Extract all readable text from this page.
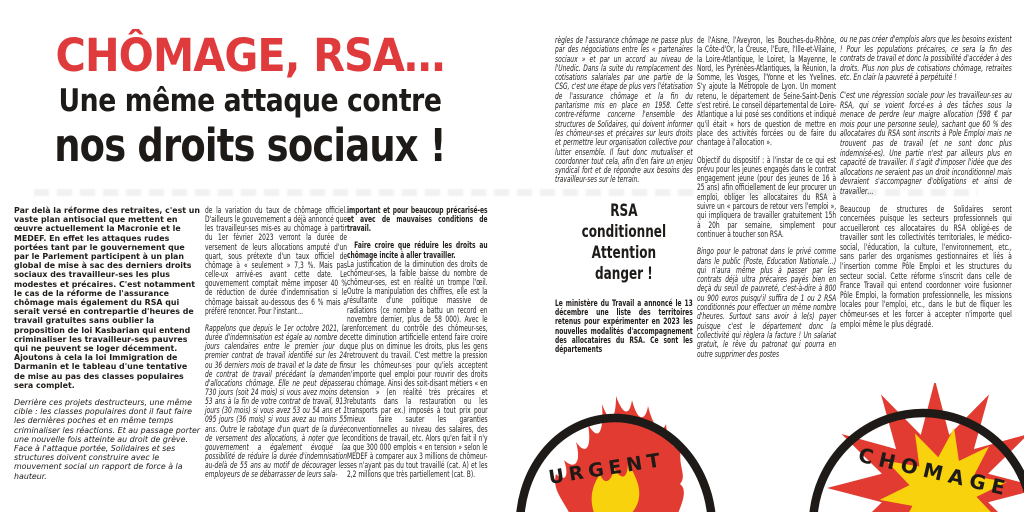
CHÔMAGE, RSA…
Une même attaque contre
nos droits sociaux !

Par delà la réforme des retraites, c'est un vaste plan antisocial que mettent en œuvre actuellement la Macronie et le MEDEF. En effet les attaques rudes portées tant par le gouvernement que par le Parlement participent à un plan global de mise à sac des derniers droits sociaux des travailleur-ses les plus modestes et précaires. C'est notamment le cas de la réforme de l'assurance chômage mais également du RSA qui serait versé en contrepartie d'heures de travail gratuites sans oublier la proposition de loi Kasbarian qui entend criminaliser les travailleur-ses pauvres qui ne peuvent se loger décemment. Ajoutons à cela la loi Immigration de Darmanin et le tableau d'une tentative de mise au pas des classes populaires sera complet.

Derrière ces projets destructeurs, une même cible : les classes populaires dont il faut faire les dernières poches et en même temps criminaliser les réactions. Et au passage porter une nouvelle fois atteinte au droit de grève. Face à l'attaque portée, Solidaires et ses structures doivent construire avec le mouvement social un rapport de force à la hauteur.

de la variation du taux de chômage officiel. D'ailleurs le gouvernement a déjà annoncé que les travailleur-ses mis-es au chômage à partir du 1er février 2023 verront la durée de versement de leurs allocations amputé d'un quart, sous prétexte d'un taux officiel de chômage à « seulement » 7,3 %. Mais pas celle-ux arrivé-es avant cette date. Le gouvernement comptait même imposer 40 % de réduction de durée d'indemnisation si le chômage baissait au-dessous des 6 % mais a préféré renoncer. Pour l'instant…

Rappelons que depuis le 1er octobre 2021, la durée d'indemnisation est égale au nombre de jours calendaires entre le premier jour du premier contrat de travail identifié sur les 24 ou 36 derniers mois de travail et la date de fin de contrat de travail précédant la demande d'allocations chômage. Elle ne peut dépasser 730 jours (soit 24 mois) si vous avez moins de 53 ans à la fin de votre contrat de travail, 913 jours (30 mois) si vous avez 53 ou 54 ans et 1 095 jours (36 mois) si vous avez au moins 55 ans. Outre le rabotage d'un quart de la durée de versement des allocations, à noter que le gouvernement a également évoqué la possibilité de réduire la durée d'indemnisation au-delà de 55 ans au motif de décourager les employeurs de se débarrasser de leurs sala-

important et pour beaucoup précarisé-es et avec de mauvaises conditions de travail.

Faire croire que réduire les droits au chômage incite à aller travailler.

La justification de la diminution des droits de chômeur-ses, la faible baisse du nombre de chômeur-ses, est en réalité un trompe l'œil. Outre la manipulation des chiffres, elle est la résultante d'une politique massive de radiations (ce nombre a battu un record en novembre dernier, plus de 58 000). Avec le renforcement du contrôle des chômeur-ses, cette diminution artificielle entend faire croire que plus on diminue les droits, plus les gens retrouvent du travail. C'est mettre la pression sur les chômeur-ses pour qu'iels acceptent n'importe quel emploi pour rouvrir des droits au chômage. Ainsi des soit-disant métiers « en tension » (en réalité très précaires et rebutants dans la restauration ou les transports par ex.) imposés à tout prix pour mieux faire sauter les garanties conventionnelles au niveau des salaires, des conditions de travail, etc. Alors qu'en fait il n'y a que 300 000 emplois « en tension » selon le MEDEF à comparer aux 3 millions de chômeur-ses n'ayant pas du tout travaillé (cat. A) et les 2,2 millions que très partiellement (cat. B).

règles de l'assurance chômage ne passe plus par des négociations entre les « partenaires sociaux » et par un accord au niveau de l'Unedic. Dans la suite du remplacement des cotisations salariales par une partie de la CSG, c'est une étape de plus vers l'étatisation de l'assurance chômage et la fin du paritarisme mis en place en 1958. Cette contre-réforme concerne l'ensemble des structures de Solidaires, qui doivent informer les chômeur-ses et précaires sur leurs droits et permettre leur organisation collective pour lutter ensemble. Il faut donc mutualiser et coordonner tout cela, afin d'en faire un enjeu syndical fort et de répondre aux besoins des travailleur-ses sur le terrain.

RSA
conditionnel
Attention
danger !

Le ministère du Travail a annoncé le 13 décembre une liste des territoires retenus pour expérimenter en 2023 les nouvelles modalités d'accompagnement des allocataires du RSA. Ce sont les départements

de l'Aisne, l'Aveyron, les Bouches-du-Rhône, la Côte-d'Or, la Creuse, l'Eure, l'Ille-et-Vilaine, la Loire-Atlantique, le Loiret, la Mayenne, le Nord, les Pyrénées-Atlantiques, la Réunion, la Somme, les Vosges, l'Yonne et les Yvelines. S'y ajoute la Métropole de Lyon. Un moment retenu, le département de Seine-Saint-Denis s'est retiré. Le conseil départemental de Loire-Atlantique a lui posé ses conditions et indiqué qu'il était « hors de question de mettre en place des activités forcées ou de faire du chantage à l'allocation ».

Objectif du dispositif : à l'instar de ce qui est prévu pour les jeunes engagés dans le contrat engagement jeune (pour des jeunes de 16 à 25 ans) afin officiellement de leur procurer un emploi, obliger les allocataires du RSA à suivre un « parcours de retour vers l'emploi », qui impliquera de travailler gratuitement 15h à 20h par semaine, simplement pour continuer à toucher son RSA.

Bingo pour le patronat dans le privé comme dans le public (Poste, Education Nationale…) qui n'aura même plus à passer par les contrats déjà ultra précaires payés bien en deçà du seuil de pauvreté, c'est-à-dire à 800 ou 900 euros puisqu'il suffira de 1 ou 2 RSA conditionnés pour effectuer un même nombre d'heures. Surtout sans avoir à le(s) payer puisque c'est le département donc la collectivité qui règlera la facture ! Un salariat gratuit, le rêve du patronat qui pourra en outre supprimer des postes

ou ne pas créer d'emplois alors que les besoins existent ! Pour les populations précaires, ce sera la fin des contrats de travail et donc la possibilité d'accéder à des droits. Plus non plus de cotisations chômage, retraites etc. En clair la pauvreté à perpétuité !

C'est une régression sociale pour les travailleur-ses au RSA, qui se voient forcé-es à des tâches sous la menace de perdre leur maigre allocation (598 € par mois pour une personne seule), sachant que 60 % des allocataires du RSA sont inscrits à Pole Emploi mais ne trouvent pas de travail (et ne sont donc plus indemnisé-es). Une partie n'est par ailleurs plus en capacité de travailler. Il s'agit d'imposer l'idée que des allocations ne seraient pas un droit inconditionnel mais devraient s'accompagner d'obligations et ainsi de travailler…

Beaucoup de structures de Solidaires seront concernées puisque les secteurs professionnels qui accueilleront ces allocataires du RSA obligé-es de travailler sont les collectivités territoriales, le médico-social, l'éducation, la culture, l'environnement, etc., sans parler des organismes gestionnaires et liés à l'insertion comme Pôle Emploi et les structures du secteur social. Cette réforme s'inscrit dans celle de France Travail qui entend coordonner voire fusionner Pôle Emploi, la formation professionnelle, les missions locales pour l'emploi, etc., dans le but de fliquer les chômeur-ses et les forcer à accepter n'importe quel emploi même le plus dégradé.

URGENT	CHOMAGE
